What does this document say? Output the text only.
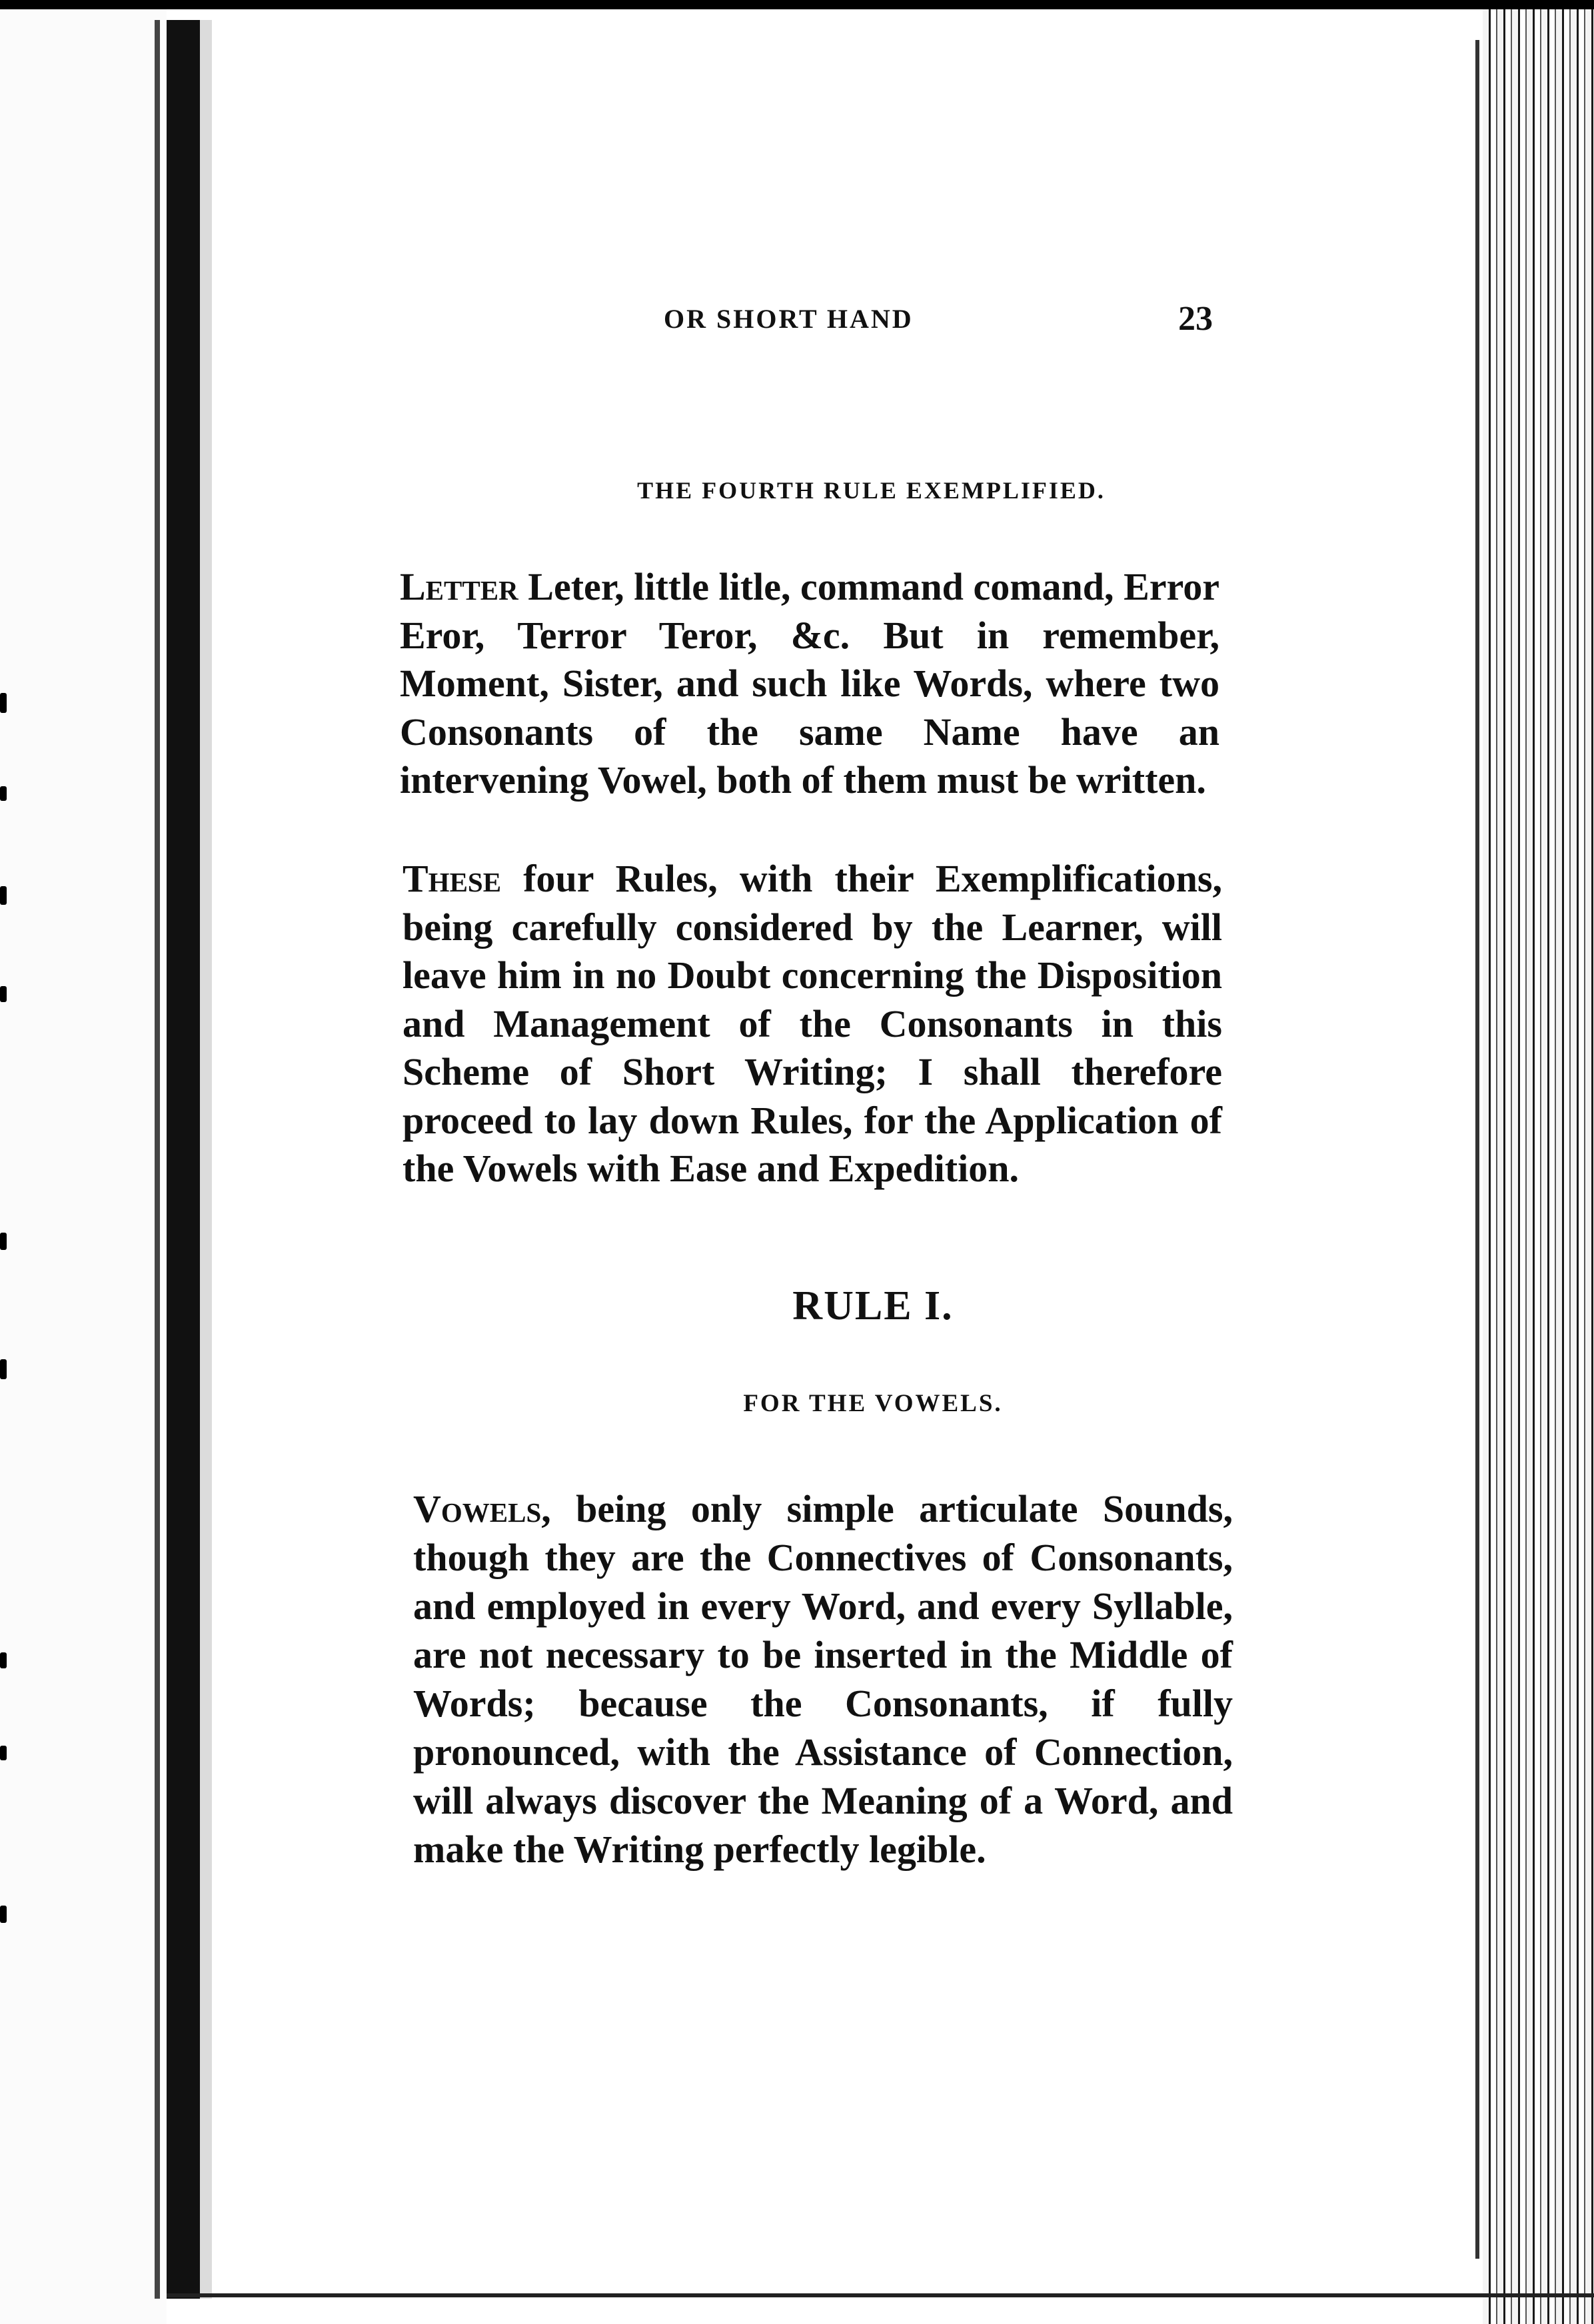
OR SHORT HAND	23
THE FOURTH RULE EXEMPLIFIED.

Letter Leter, little litle, command comand, Error Eror, Terror Teror, &c. But in remember, Moment, Sister, and such like Words, where two Consonants of the same Name have an intervening Vowel, both of them must be written.

These four Rules, with their Exemplifications, being carefully considered by the Learner, will leave him in no Doubt concerning the Disposition and Management of the Consonants in this Scheme of Short Writing; I shall therefore proceed to lay down Rules, for the Application of the Vowels with Ease and Expedition.

RULE I.
FOR THE VOWELS.

Vowels, being only simple articulate Sounds, though they are the Connectives of Consonants, and employed in every Word, and every Syllable, are not necessary to be inserted in the Middle of Words; because the Consonants, if fully pronounced, with the Assistance of Connection, will always discover the Meaning of a Word, and make the Writing perfectly legible.
